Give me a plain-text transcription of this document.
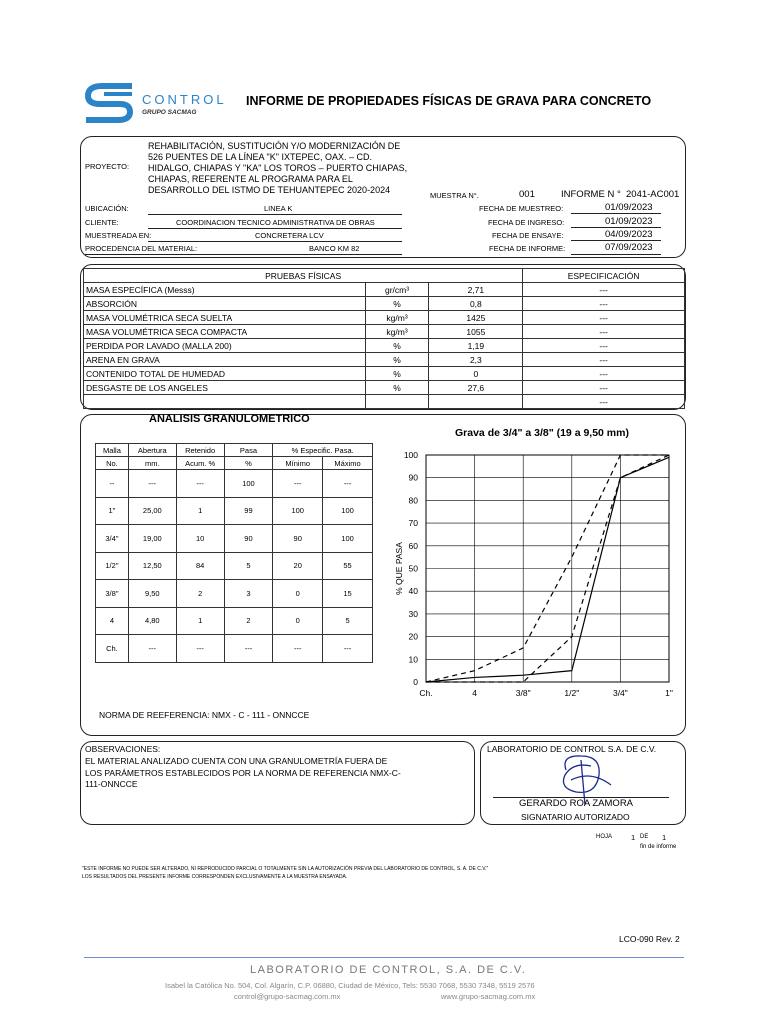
CONTROL
GRUPO SACMAG
INFORME DE PROPIEDADES FÍSICAS DE GRAVA PARA CONCRETO
PROYECTO:
REHABILITACIÓN, SUSTITUCIÓN Y/O MODERNIZACIÓN DE
526 PUENTES DE LA LÍNEA "K" IXTEPEC, OAX. – CD.
HIDALGO, CHIAPAS Y "KA" LOS TOROS – PUERTO CHIAPAS,
CHIAPAS, REFERENTE AL PROGRAMA PARA EL
DESARROLLO DEL ISTMO DE TEHUANTEPEC 2020-2024
MUESTRA N°.	001	INFORME N ° 2041-AC001
UBICACIÓN:	LINEA K
CLIENTE:	COORDINACION TECNICO ADMINISTRATIVA DE OBRAS
MUESTREADA EN:	CONCRETERA LCV
PROCEDENCIA DEL MATERIAL:	BANCO KM 82
FECHA DE MUESTREO:	01/09/2023
FECHA DE INGRESO:	01/09/2023
FECHA DE ENSAYE:	04/09/2023
FECHA DE INFORME:	07/09/2023
PRUEBAS FÍSICAS			ESPECIFICACIÓN
MASA ESPECÍFICA (Messs)	gr/cm³	2,71	---
ABSORCIÓN	%	0,8	---
MASA VOLUMÉTRICA SECA SUELTA	kg/m³	1425	---
MASA VOLUMÉTRICA SECA COMPACTA	kg/m³	1055	---
PERDIDA POR LAVADO (MALLA 200)	%	1,19	---
ARENA EN GRAVA	%	2,3	---
CONTENIDO TOTAL DE HUMEDAD	%	0	---
DESGASTE DE LOS ANGELES	%	27,6	---
			---
ANALISIS GRANULOMETRICO
Malla	Abertura	Retenido	Pasa	% Especific. Pasa.	
No.	mm.	Acum. %	%	Mínimo	Máximo
--	---	---	100	---	---
1"	25,00	1	99	100	100
3/4"	19,00	10	90	90	100
1/2"	12,50	84	5	20	55
3/8"	9,50	2	3	0	15
4	4,80	1	2	0	5
Ch.	---	---	---	---	---
Grava de 3/4" a 3/8" (19 a 9,50 mm)
0
10
20
30
40
50
60
70
80
90
100
Ch.	4	3/8"	1/2"	3/4"	1"
% QUE PASA
NORMA DE REEFERENCIA: NMX - C - 111 - ONNCCE
OBSERVACIONES:
EL MATERIAL ANALIZADO CUENTA CON UNA GRANULOMETRÍA FUERA DE
LOS PARÁMETROS ESTABLECIDOS POR LA NORMA DE REFERENCIA NMX-C-
111-ONNCCE
LABORATORIO DE CONTROL S.A. DE C.V.
GERARDO ROA ZAMORA
SIGNATARIO AUTORIZADO
HOJA	1 DE 1
fin de informe
"ESTE INFORME NO PUEDE SER ALTERADO, NI REPRODUCIDO PARCIAL O TOTALMENTE SIN LA AUTORIZACIÓN PREVIA DEL LABORATORIO DE CONTROL, S. A. DE C.V."
LOS RESULTADOS DEL PRESENTE INFORME CORRESPONDEN EXCLUSIVAMENTE A LA MUESTRA ENSAYADA.
LCO-090 Rev. 2
LABORATORIO DE CONTROL, S.A. DE C.V.
Isabel la Católica No. 504, Col. Algarín, C.P. 06880, Ciudad de México, Tels: 5530 7068, 5530 7348, 5519 2576
control@grupo-sacmag.com.mx	www.grupo-sacmag.com.mx
